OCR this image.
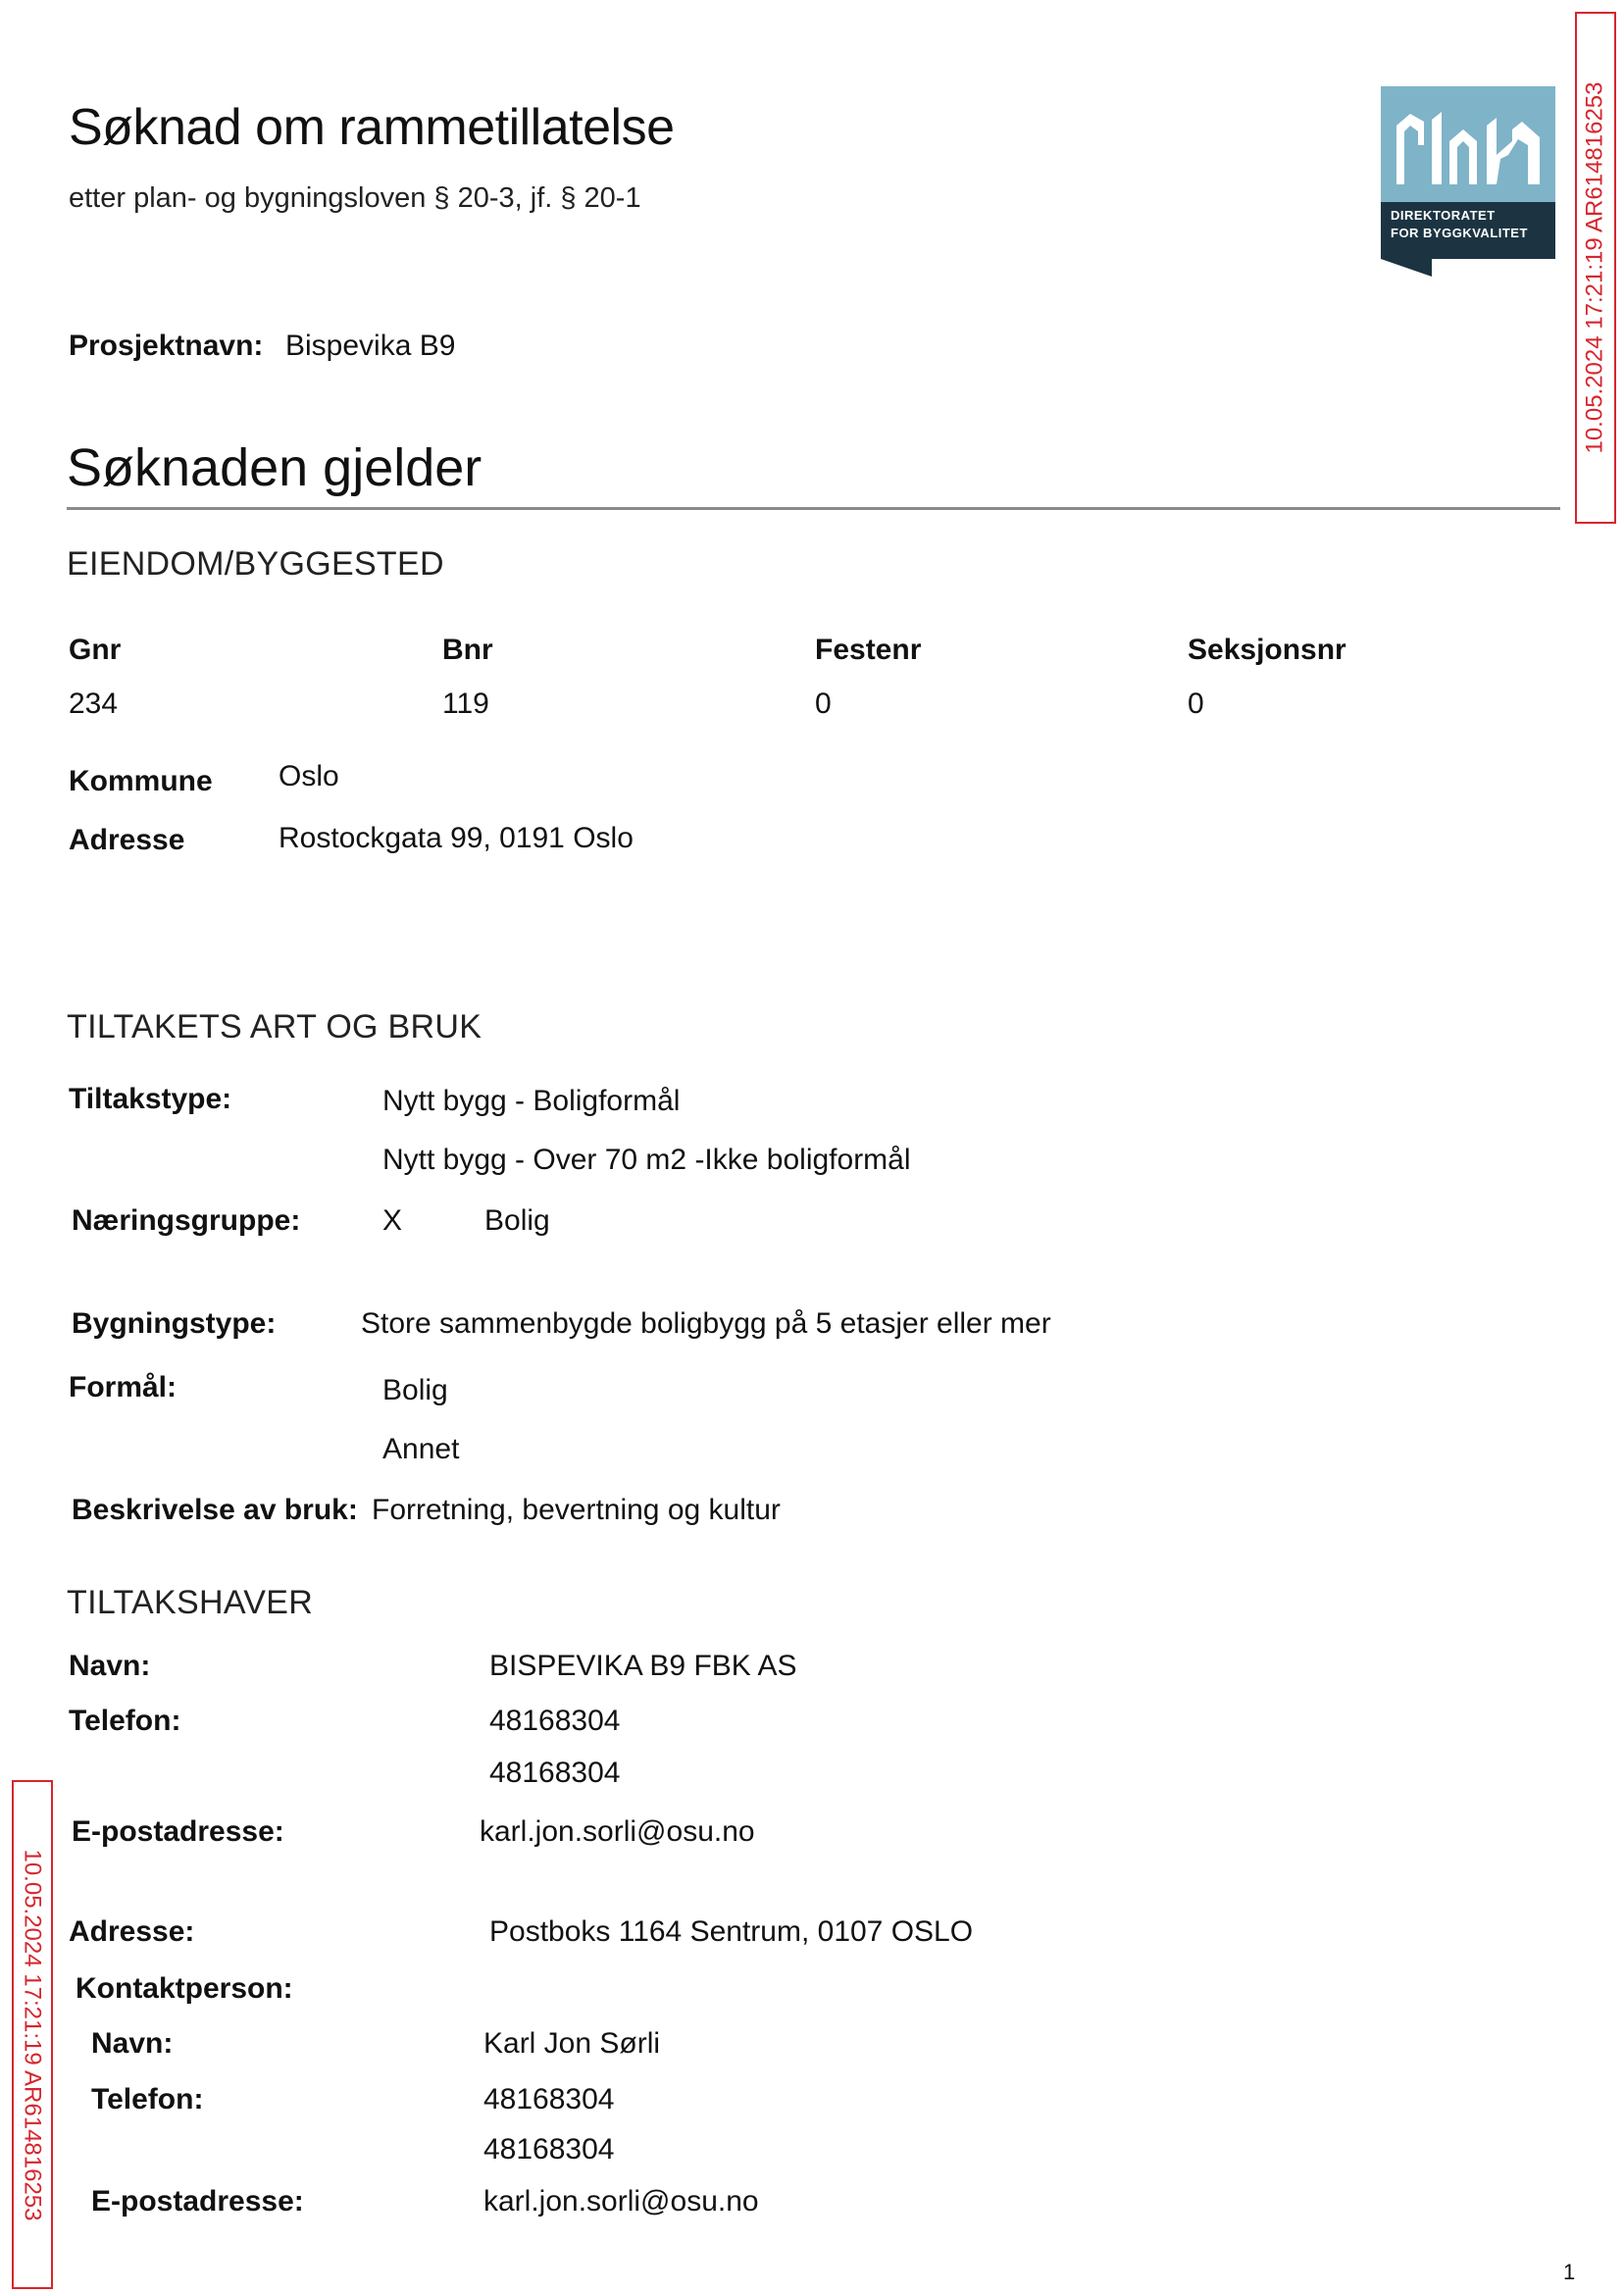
Søknad om rammetillatelse
etter plan- og bygningsloven § 20-3, jf. § 20-1
Prosjektnavn: Bispevika B9
DIREKTORATET
FOR BYGGKVALITET 10.05.2024 17:21:19 AR614816253
10.05.2024 17:21:19 AR614816253
Søknaden gjelder
EIENDOM/BYGGESTED
Gnr	Bnr	Festenr	Seksjonsnr
234	119	0	0
Kommune Oslo
Adresse	Rostockgata 99, 0191 Oslo
TILTAKETS ART OG BRUK
Tiltakstype:	Nytt bygg - Boligformål
Nytt bygg - Over 70 m2 -Ikke boligformål
Næringsgruppe:	X	Bolig
Bygningstype:	Store sammenbygde boligbygg på 5 etasjer eller mer
Formål:	Bolig
Annet
Beskrivelse av bruk: Forretning, bevertning og kultur
TILTAKSHAVER
Navn:	BISPEVIKA B9 FBK AS
Telefon:	48168304
48168304
E-postadresse:	karl.jon.sorli@osu.no
Adresse:	Postboks 1164 Sentrum, 0107 OSLO
Kontaktperson:
Navn:	Karl Jon Sørli
Telefon:	48168304
48168304
E-postadresse:	karl.jon.sorli@osu.no
1
